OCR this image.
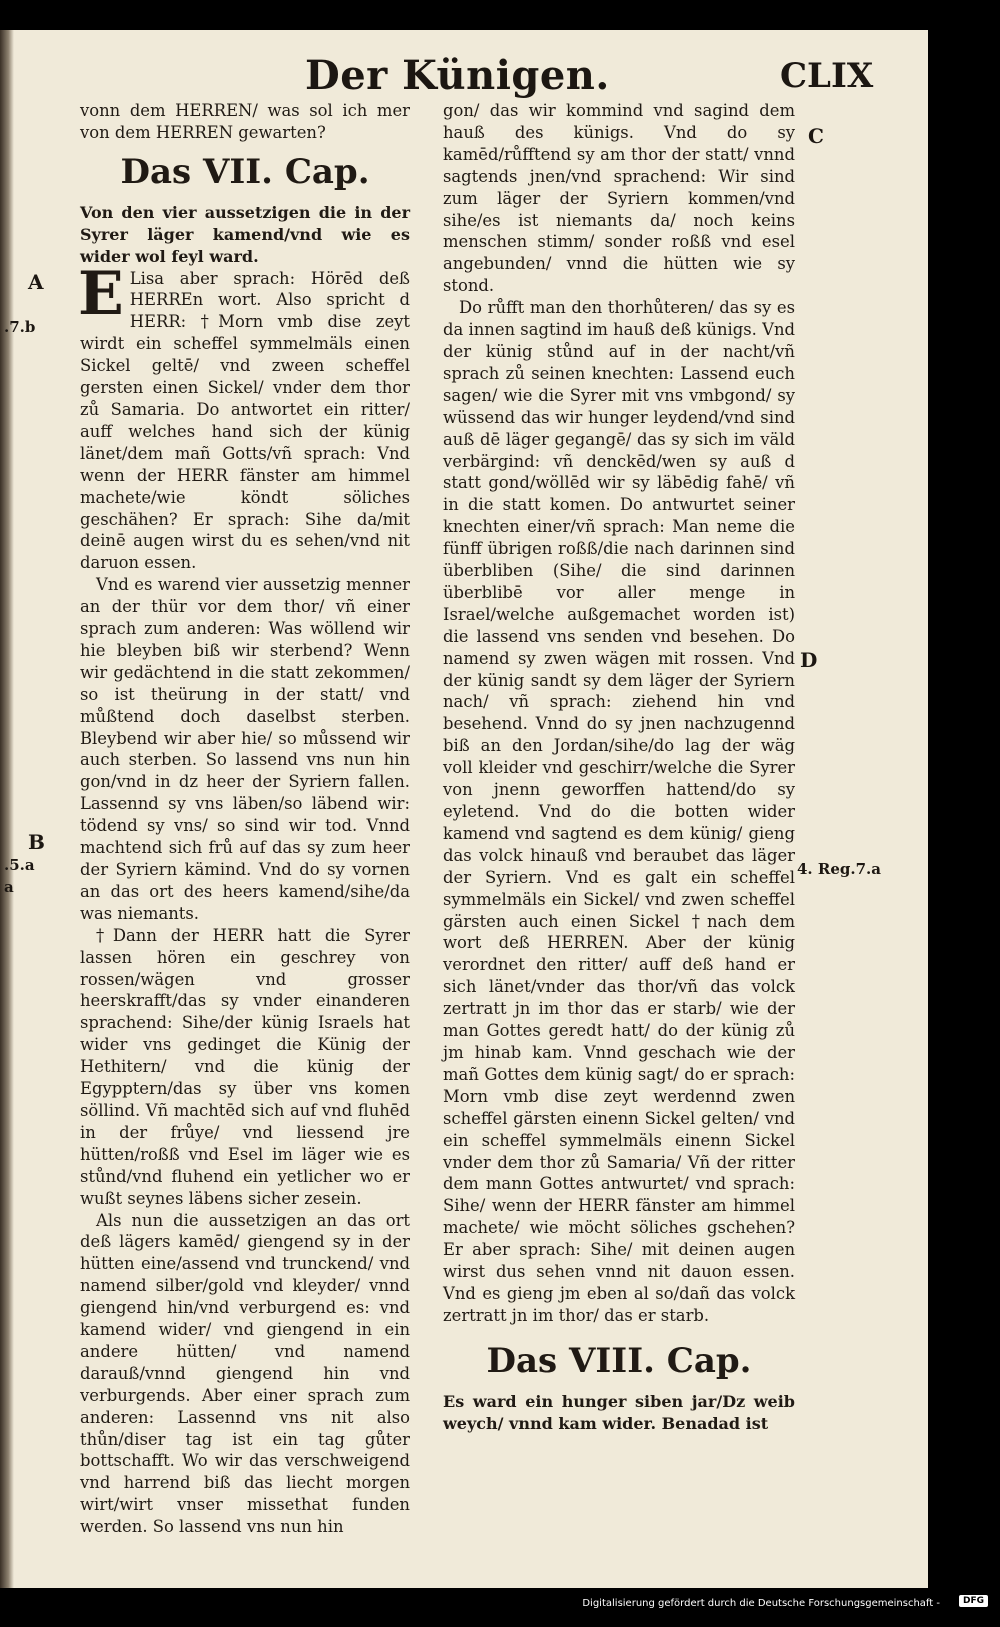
Der Künigen.	CLIX
A
.7.b
B
.5.a
a
C
D
4. Reg.7.a

vonn dem HERREN/ was sol ich mer von dem HERREN gewarten?

Das VII. Cap.

Von den vier aussetzigen die in der Syrer läger kamend/vnd wie es wider wol feyl ward.

E Lisa aber sprach: Hörēd deß HERREn wort. Also spricht d HERR: †Morn vmb dise zeyt wirdt ein scheffel symmelmäls einen Sickel geltē/ vnd zween scheffel gersten einen Sickel/ vnder dem thor zů Samaria. Do antwortet ein ritter/ auff welches hand sich der künig länet/dem mañ Gotts/vñ sprach: Vnd wenn der HERR fänster am himmel machete/wie köndt söliches geschähen? Er sprach: Sihe da/mit deinē augen wirst du es sehen/vnd nit daruon essen.

Vnd es warend vier aussetzig menner an der thür vor dem thor/ vñ einer sprach zum anderen: Was wöllend wir hie bleyben biß wir sterbend? Wenn wir gedächtend in die statt zekommen/ so ist theürung in der statt/ vnd můßtend doch daselbst sterben. Bleybend wir aber hie/ so můssend wir auch sterben. So lassend vns nun hin gon/vnd in dz heer der Syriern fallen. Lassennd sy vns läben/so läbend wir: tödend sy vns/ so sind wir tod. Vnnd machtend sich frů auf das sy zum heer der Syriern kämind. Vnd do sy vornen an das ort des heers kamend/sihe/da was niemants.

†Dann der HERR hatt die Syrer lassen hören ein geschrey von rossen/wägen vnd grosser heerskrafft/das sy vnder einanderen sprachend: Sihe/der künig Israels hat wider vns gedinget die Künig der Hethitern/ vnd die künig der Egypptern/das sy über vns komen söllind. Vñ machtēd sich auf vnd fluhēd in der frůye/ vnd liessend jre hütten/roßß vnd Esel im läger wie es stůnd/vnd fluhend ein yetlicher wo er wußt seynes läbens sicher zesein.

Als nun die aussetzigen an das ort deß lägers kamēd/ giengend sy in der hütten eine/assend vnd trunckend/ vnd namend silber/gold vnd kleyder/ vnnd giengend hin/vnd verburgend es: vnd kamend wider/ vnd giengend in ein andere hütten/ vnd namend darauß/vnnd giengend hin vnd verburgends. Aber einer sprach zum anderen: Lassennd vns nit also thůn/diser tag ist ein tag gůter bottschafft. Wo wir das verschweigend vnd harrend biß das liecht morgen wirt/wirt vnser missethat funden werden. So lassend vns nun hin

gon/ das wir kommind vnd sagind dem hauß des künigs. Vnd do sy kamēd/růfftend sy am thor der statt/ vnnd sagtends jnen/vnd sprachend: Wir sind zum läger der Syriern kommen/vnd sihe/es ist niemants da/ noch keins menschen stimm/ sonder roßß vnd esel angebunden/ vnnd die hütten wie sy stond.

Do růfft man den thorhůteren/ das sy es da innen sagtind im hauß deß künigs. Vnd der künig stůnd auf in der nacht/vñ sprach zů seinen knechten: Lassend euch sagen/ wie die Syrer mit vns vmbgond/ sy wüssend das wir hunger leydend/vnd sind auß dē läger gegangē/ das sy sich im väld verbärgind: vñ denckēd/wen sy auß d statt gond/wöllēd wir sy läbēdig fahē/ vñ in die statt komen. Do antwurtet seiner knechten einer/vñ sprach: Man neme die fünff übrigen roßß/die nach darinnen sind überbliben (Sihe/ die sind darinnen überblibē vor aller menge in Israel/welche außgemachet worden ist) die lassend vns senden vnd besehen. Do namend sy zwen wägen mit rossen. Vnd der künig sandt sy dem läger der Syriern nach/ vñ sprach: ziehend hin vnd besehend. Vnnd do sy jnen nachzugennd biß an den Jordan/sihe/do lag der wäg voll kleider vnd geschirr/welche die Syrer von jnenn geworffen hattend/do sy eyletend. Vnd do die botten wider kamend vnd sagtend es dem künig/ gieng das volck hinauß vnd beraubet das läger der Syriern. Vnd es galt ein scheffel symmelmäls ein Sickel/ vnd zwen scheffel gärsten auch einen Sickel †nach dem wort deß HERREN. Aber der künig verordnet den ritter/ auff deß hand er sich länet/vnder das thor/vñ das volck zertratt jn im thor das er starb/ wie der man Gottes geredt hatt/ do der künig zů jm hinab kam. Vnnd geschach wie der mañ Gottes dem künig sagt/ do er sprach: Morn vmb dise zeyt werdennd zwen scheffel gärsten einenn Sickel gelten/ vnd ein scheffel symmelmäls einenn Sickel vnder dem thor zů Samaria/ Vñ der ritter dem mann Gottes antwurtet/ vnd sprach: Sihe/ wenn der HERR fänster am himmel machete/ wie möcht söliches gschehen? Er aber sprach: Sihe/ mit deinen augen wirst dus sehen vnnd nit dauon essen. Vnd es gieng jm eben al so/dañ das volck zertratt jn im thor/ das er starb.

Das VIII. Cap.

Es ward ein hunger siben jar/Dz weib weych/ vnnd kam wider. Benadad ist

Digitalisierung gefördert durch die Deutsche Forschungsgemeinschaft -	DFG
